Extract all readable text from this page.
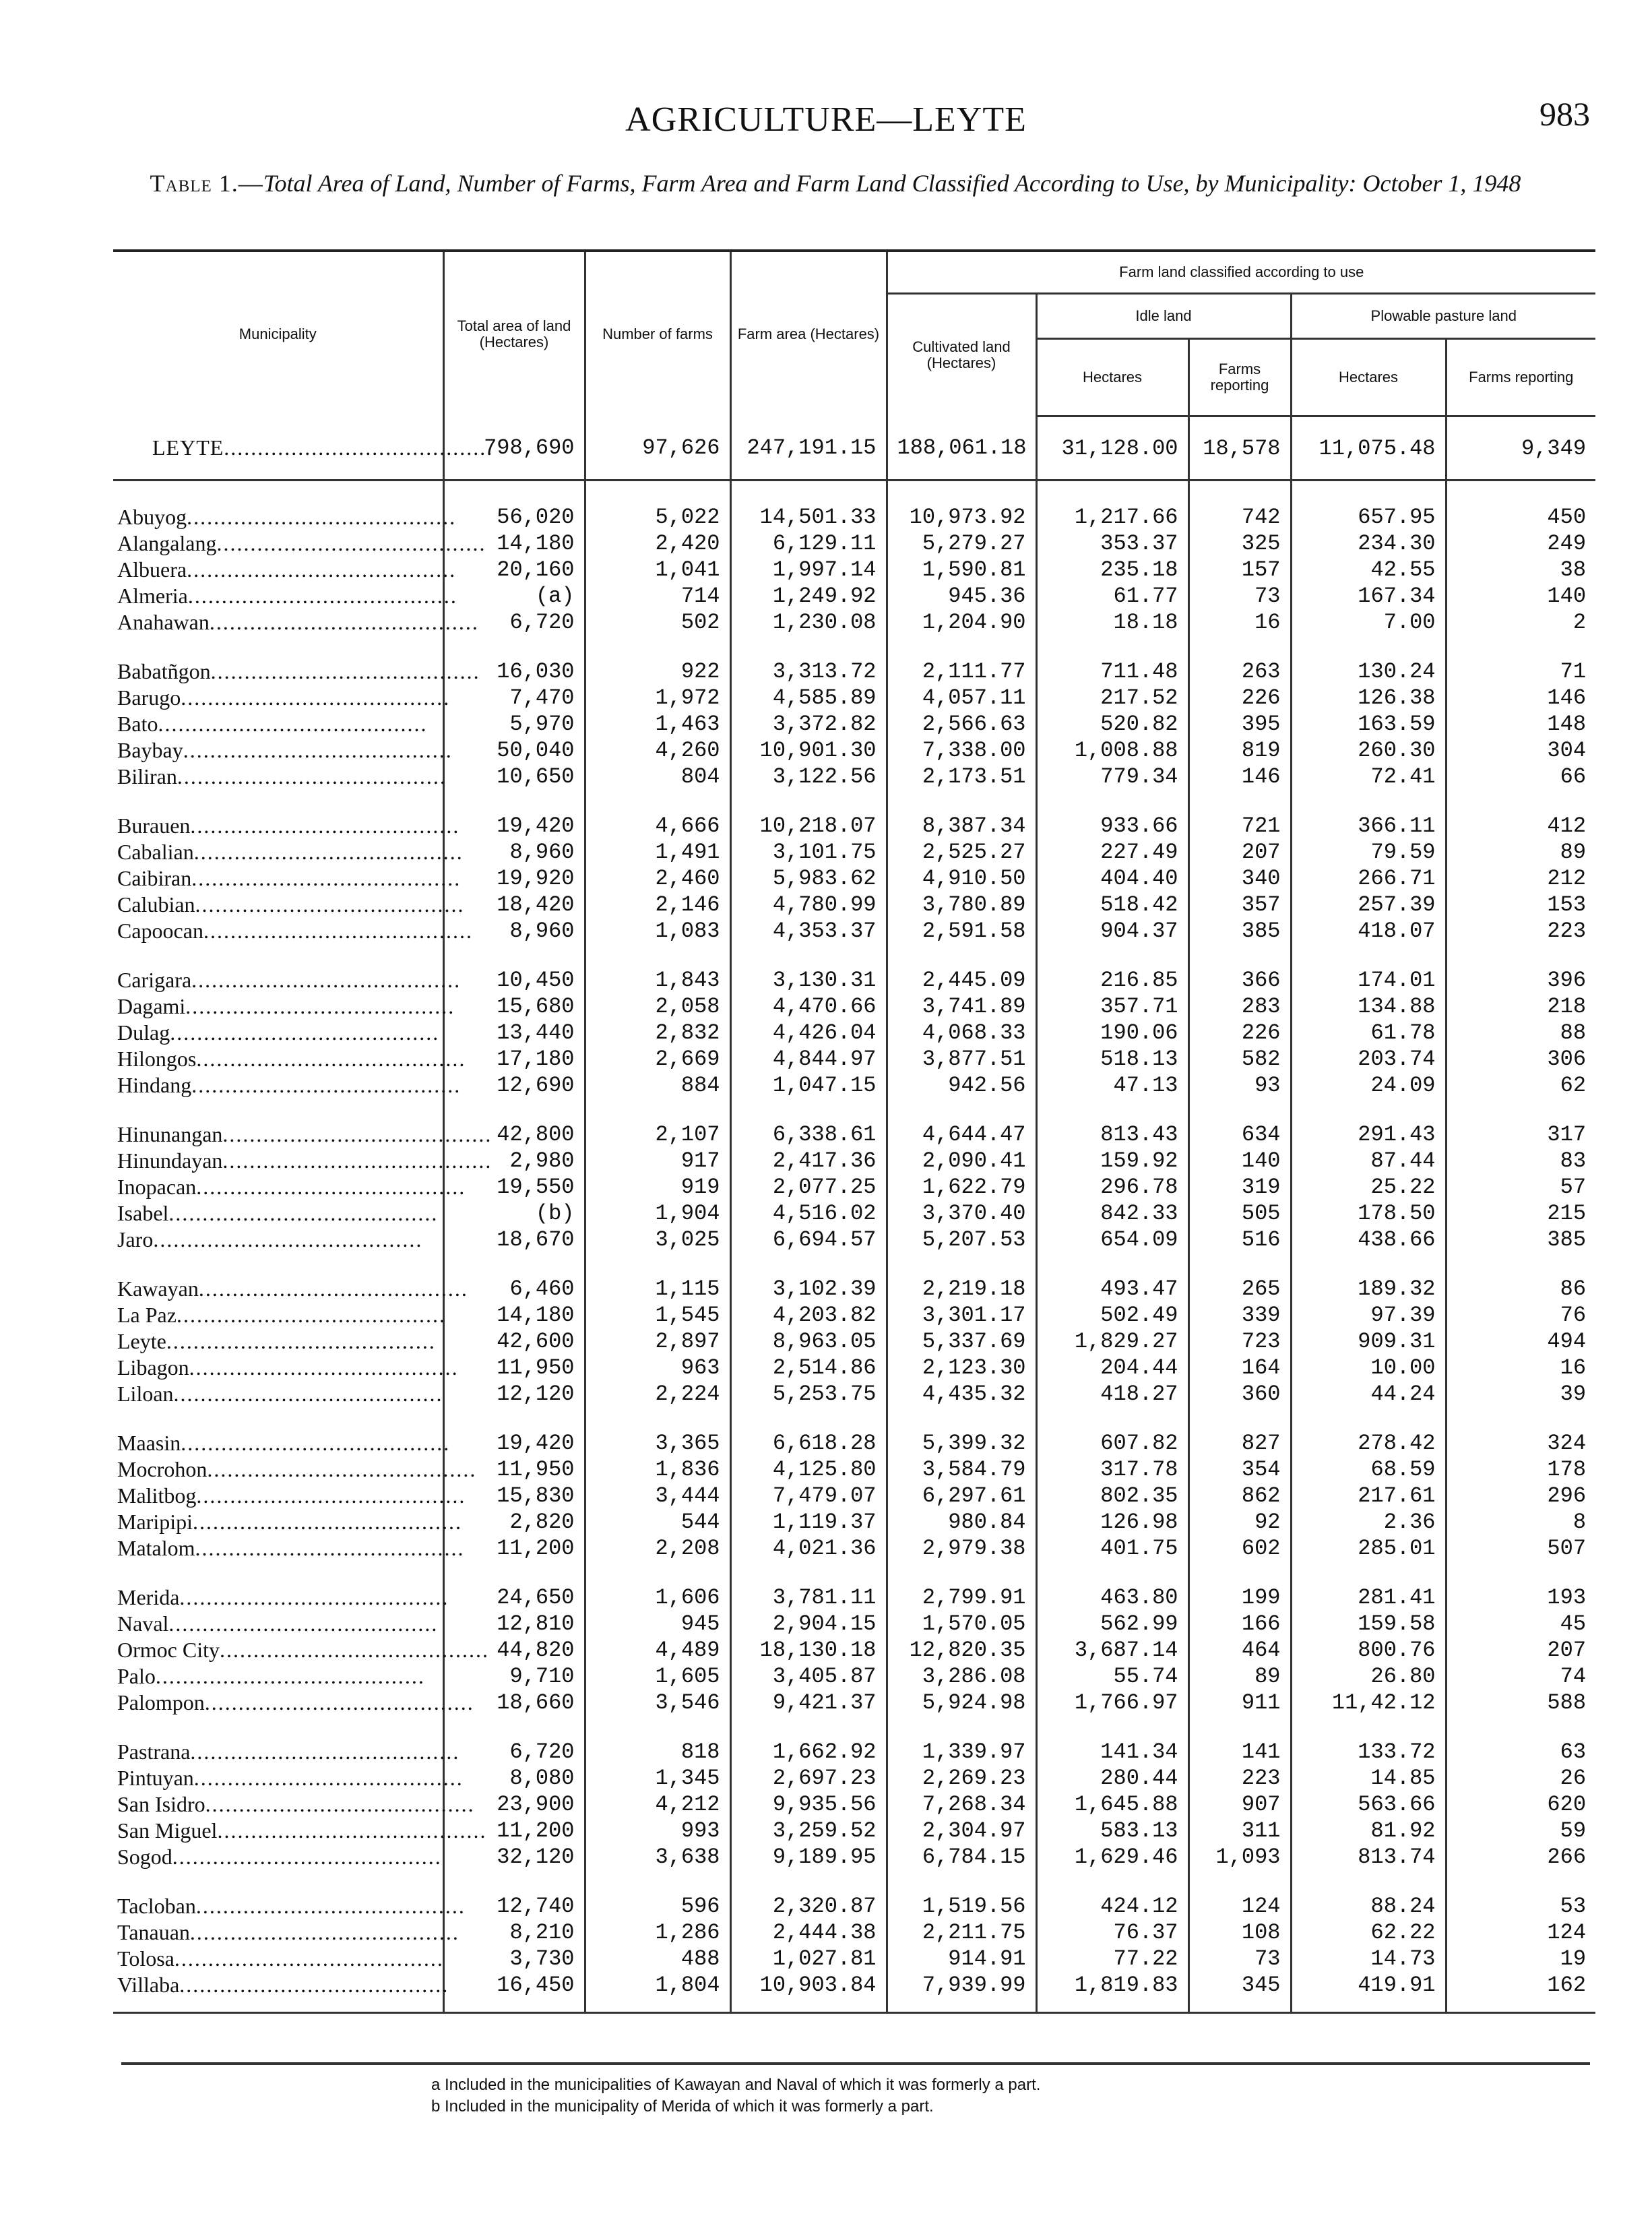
AGRICULTURE—LEYTE	983
Table 1.—Total Area of Land, Number of Farms, Farm Area and Farm Land Classified According to Use, by Municipality: October 1, 1948
Municipality	Total area of land (Hectares)	Number of farms	Farm area (Hectares)	Farm land classified according to use				
				Cultivated land (Hectares)	Idle land		Plowable pasture land	
					Hectares	Farms reporting	Hectares	Farms reporting
LEYTE........................................	798,690	97,626	247,191.15	188,061.18	31,128.00	18,578	11,075.48	9,349

Abuyog........................................	56,020	5,022	14,501.33	10,973.92	1,217.66	742	657.95	450
Alangalang........................................	14,180	2,420	6,129.11	5,279.27	353.37	325	234.30	249
Albuera........................................	20,160	1,041	1,997.14	1,590.81	235.18	157	42.55	38
Almeria........................................	(a)	714	1,249.92	945.36	61.77	73	167.34	140
Anahawan........................................	6,720	502	1,230.08	1,204.90	18.18	16	7.00	2

Babatñgon........................................	16,030	922	3,313.72	2,111.77	711.48	263	130.24	71
Barugo........................................	7,470	1,972	4,585.89	4,057.11	217.52	226	126.38	146
Bato........................................	5,970	1,463	3,372.82	2,566.63	520.82	395	163.59	148
Baybay........................................	50,040	4,260	10,901.30	7,338.00	1,008.88	819	260.30	304
Biliran........................................	10,650	804	3,122.56	2,173.51	779.34	146	72.41	66

Burauen........................................	19,420	4,666	10,218.07	8,387.34	933.66	721	366.11	412
Cabalian........................................	8,960	1,491	3,101.75	2,525.27	227.49	207	79.59	89
Caibiran........................................	19,920	2,460	5,983.62	4,910.50	404.40	340	266.71	212
Calubian........................................	18,420	2,146	4,780.99	3,780.89	518.42	357	257.39	153
Capoocan........................................	8,960	1,083	4,353.37	2,591.58	904.37	385	418.07	223

Carigara........................................	10,450	1,843	3,130.31	2,445.09	216.85	366	174.01	396
Dagami........................................	15,680	2,058	4,470.66	3,741.89	357.71	283	134.88	218
Dulag........................................	13,440	2,832	4,426.04	4,068.33	190.06	226	61.78	88
Hilongos........................................	17,180	2,669	4,844.97	3,877.51	518.13	582	203.74	306
Hindang........................................	12,690	884	1,047.15	942.56	47.13	93	24.09	62

Hinunangan........................................	42,800	2,107	6,338.61	4,644.47	813.43	634	291.43	317
Hinundayan........................................	2,980	917	2,417.36	2,090.41	159.92	140	87.44	83
Inopacan........................................	19,550	919	2,077.25	1,622.79	296.78	319	25.22	57
Isabel........................................	(b)	1,904	4,516.02	3,370.40	842.33	505	178.50	215
Jaro........................................	18,670	3,025	6,694.57	5,207.53	654.09	516	438.66	385

Kawayan........................................	6,460	1,115	3,102.39	2,219.18	493.47	265	189.32	86
La Paz........................................	14,180	1,545	4,203.82	3,301.17	502.49	339	97.39	76
Leyte........................................	42,600	2,897	8,963.05	5,337.69	1,829.27	723	909.31	494
Libagon........................................	11,950	963	2,514.86	2,123.30	204.44	164	10.00	16
Liloan........................................	12,120	2,224	5,253.75	4,435.32	418.27	360	44.24	39

Maasin........................................	19,420	3,365	6,618.28	5,399.32	607.82	827	278.42	324
Mocrohon........................................	11,950	1,836	4,125.80	3,584.79	317.78	354	68.59	178
Malitbog........................................	15,830	3,444	7,479.07	6,297.61	802.35	862	217.61	296
Maripipi........................................	2,820	544	1,119.37	980.84	126.98	92	2.36	8
Matalom........................................	11,200	2,208	4,021.36	2,979.38	401.75	602	285.01	507

Merida........................................	24,650	1,606	3,781.11	2,799.91	463.80	199	281.41	193
Naval........................................	12,810	945	2,904.15	1,570.05	562.99	166	159.58	45
Ormoc City........................................	44,820	4,489	18,130.18	12,820.35	3,687.14	464	800.76	207
Palo........................................	9,710	1,605	3,405.87	3,286.08	55.74	89	26.80	74
Palompon........................................	18,660	3,546	9,421.37	5,924.98	1,766.97	911	11,42.12	588

Pastrana........................................	6,720	818	1,662.92	1,339.97	141.34	141	133.72	63
Pintuyan........................................	8,080	1,345	2,697.23	2,269.23	280.44	223	14.85	26
San Isidro........................................	23,900	4,212	9,935.56	7,268.34	1,645.88	907	563.66	620
San Miguel........................................	11,200	993	3,259.52	2,304.97	583.13	311	81.92	59
Sogod........................................	32,120	3,638	9,189.95	6,784.15	1,629.46	1,093	813.74	266

Tacloban........................................	12,740	596	2,320.87	1,519.56	424.12	124	88.24	53
Tanauan........................................	8,210	1,286	2,444.38	2,211.75	76.37	108	62.22	124
Tolosa........................................	3,730	488	1,027.81	914.91	77.22	73	14.73	19
Villaba........................................	16,450	1,804	10,903.84	7,939.99	1,819.83	345	419.91	162

a Included in the municipalities of Kawayan and Naval of which it was formerly a part.
b Included in the municipality of Merida of which it was formerly a part.
